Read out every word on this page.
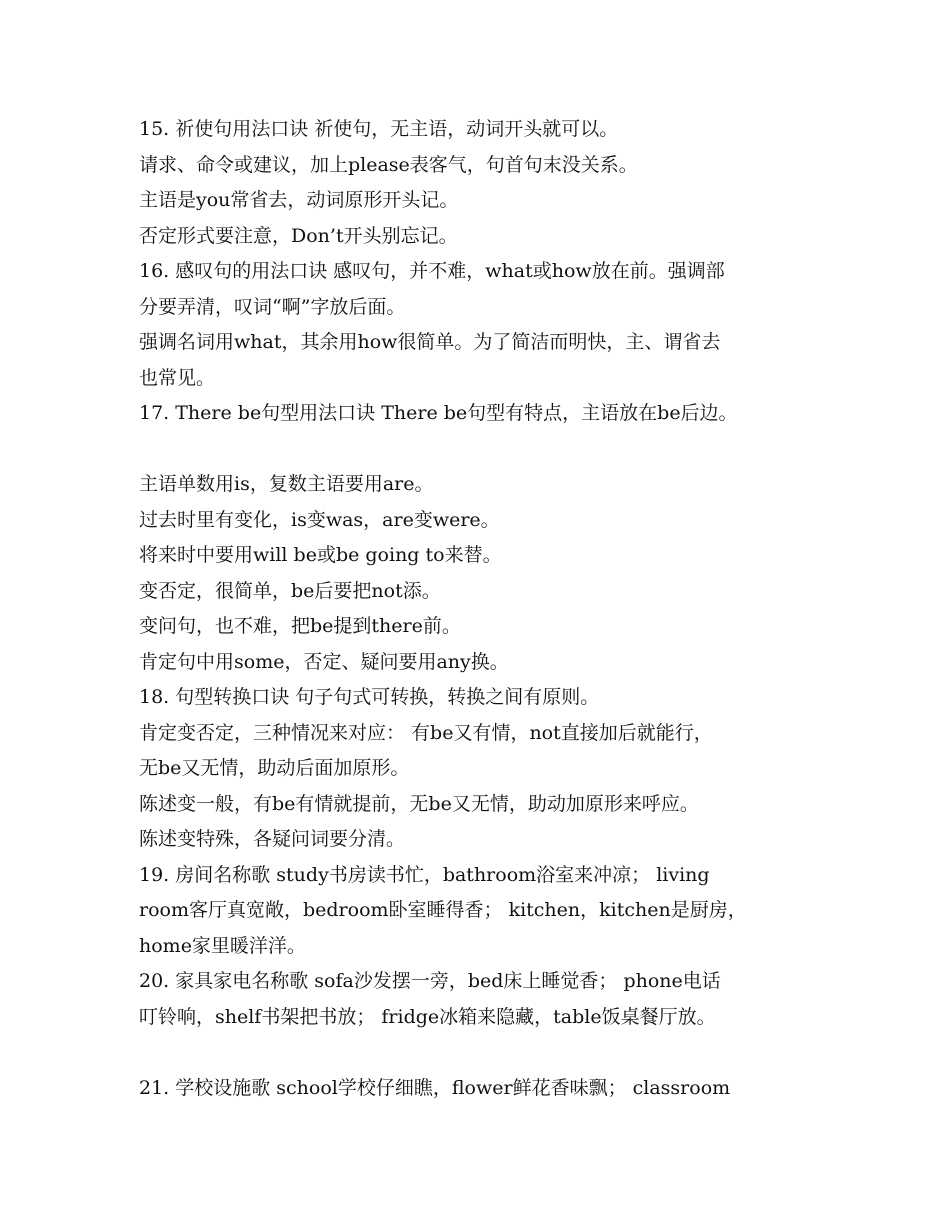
15. 祈使句用法口诀 祈使句，无主语，动词开头就可以。
请求、命令或建议，加上please表客气，句首句末没关系。
主语是you常省去，动词原形开头记。
否定形式要注意，Don’t开头别忘记。
16. 感叹句的用法口诀 感叹句，并不难，what或how放在前。强调部
分要弄清，叹词“啊”字放后面。
强调名词用what，其余用how很简单。为了简洁而明快，主、谓省去
也常见。
17. There be句型用法口诀 There be句型有特点，主语放在be后边。
主语单数用is，复数主语要用are。
过去时里有变化，is变was，are变were。
将来时中要用will be或be going to来替。
变否定，很简单，be后要把not添。
变问句，也不难，把be提到there前。
肯定句中用some，否定、疑问要用any换。
18. 句型转换口诀 句子句式可转换，转换之间有原则。
肯定变否定，三种情况来对应： 有be又有情，not直接加后就能行，
无be又无情，助动后面加原形。
陈述变一般，有be有情就提前，无be又无情，助动加原形来呼应。
陈述变特殊，各疑问词要分清。
19. 房间名称歌 study书房读书忙，bathroom浴室来冲凉； living
room客厅真宽敞，bedroom卧室睡得香； kitchen，kitchen是厨房，
home家里暖洋洋。
20. 家具家电名称歌 sofa沙发摆一旁，bed床上睡觉香； phone电话
叮铃响，shelf书架把书放； fridge冰箱来隐藏，table饭桌餐厅放。
21. 学校设施歌 school学校仔细瞧，flower鲜花香味飘； classroom
